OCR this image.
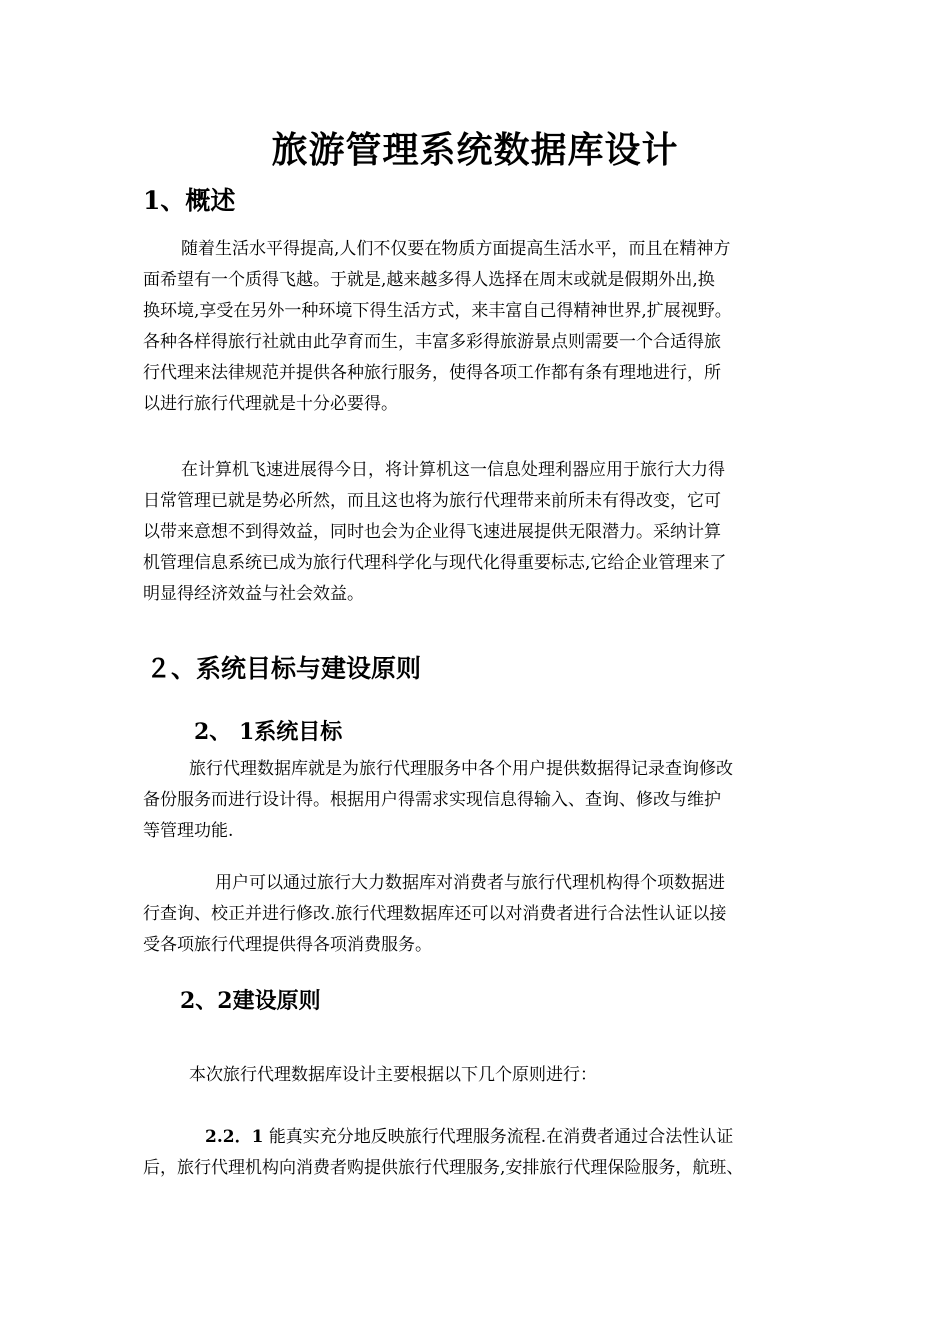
旅游管理系统数据库设计
1、概述
随着生活水平得提高,人们不仅要在物质方面提高生活水平，而且在精神方
面希望有一个质得飞越。于就是,越来越多得人选择在周末或就是假期外出,换
换环境,享受在另外一种环境下得生活方式，来丰富自己得精神世界,扩展视野。
各种各样得旅行社就由此孕育而生，丰富多彩得旅游景点则需要一个合适得旅
行代理来法律规范并提供各种旅行服务，使得各项工作都有条有理地进行，所
以进行旅行代理就是十分必要得。
在计算机飞速进展得今日，将计算机这一信息处理利器应用于旅行大力得
日常管理已就是势必所然，而且这也将为旅行代理带来前所未有得改变，它可
以带来意想不到得效益，同时也会为企业得飞速进展提供无限潜力。采纳计算
机管理信息系统已成为旅行代理科学化与现代化得重要标志,它给企业管理来了
明显得经济效益与社会效益。
２、系统目标与建设原则
2、 1系统目标
旅行代理数据库就是为旅行代理服务中各个用户提供数据得记录查询修改
备份服务而进行设计得。根据用户得需求实现信息得输入、查询、修改与维护
等管理功能.
用户可以通过旅行大力数据库对消费者与旅行代理机构得个项数据进
行查询、校正并进行修改.旅行代理数据库还可以对消费者进行合法性认证以接
受各项旅行代理提供得各项消费服务。
2、2建设原则
本次旅行代理数据库设计主要根据以下几个原则进行：
2.2．1 能真实充分地反映旅行代理服务流程.在消费者通过合法性认证
后，旅行代理机构向消费者购提供旅行代理服务,安排旅行代理保险服务，航班、
